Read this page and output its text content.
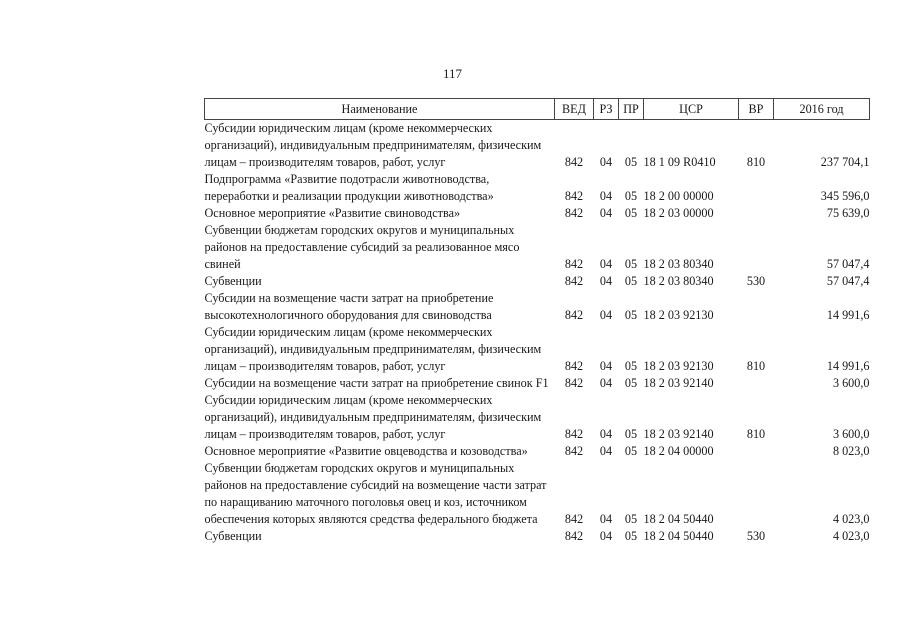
117
Наименование	ВЕД	РЗ	ПР	ЦСР	ВР	2016 год
Субсидии юридическим лицам (кроме некоммерческих организаций), индивидуальным предпринимателям, физическим лицам – производителям товаров, работ, услуг	842	04	05	18 1 09 R0410	810	237 704,1
Подпрограмма «Развитие подотрасли животноводства, переработки и реализации продукции животноводства»	842	04	05	18 2 00 00000		345 596,0
Основное мероприятие «Развитие свиноводства»	842	04	05	18 2 03 00000		75 639,0
Субвенции бюджетам городских округов и муниципальных районов на предоставление субсидий за реализованное мясо свиней	842	04	05	18 2 03 80340		57 047,4
Субвенции	842	04	05	18 2 03 80340	530	57 047,4
Субсидии на возмещение части затрат на приобретение высокотехнологичного оборудования для свиноводства	842	04	05	18 2 03 92130		14 991,6
Субсидии юридическим лицам (кроме некоммерческих организаций), индивидуальным предпринимателям, физическим лицам – производителям товаров, работ, услуг	842	04	05	18 2 03 92130	810	14 991,6
Субсидии на возмещение части затрат на приобретение свинок F1	842	04	05	18 2 03 92140		3 600,0
Субсидии юридическим лицам (кроме некоммерческих организаций), индивидуальным предпринимателям, физическим лицам – производителям товаров, работ, услуг	842	04	05	18 2 03 92140	810	3 600,0
Основное мероприятие «Развитие овцеводства и козоводства»	842	04	05	18 2 04 00000		8 023,0
Субвенции бюджетам городских округов и муниципальных районов на предоставление субсидий на возмещение части затрат по наращиванию маточного поголовья овец и коз, источником обеспечения которых являются средства федерального бюджета	842	04	05	18 2 04 50440		4 023,0
Субвенции	842	04	05	18 2 04 50440	530	4 023,0
